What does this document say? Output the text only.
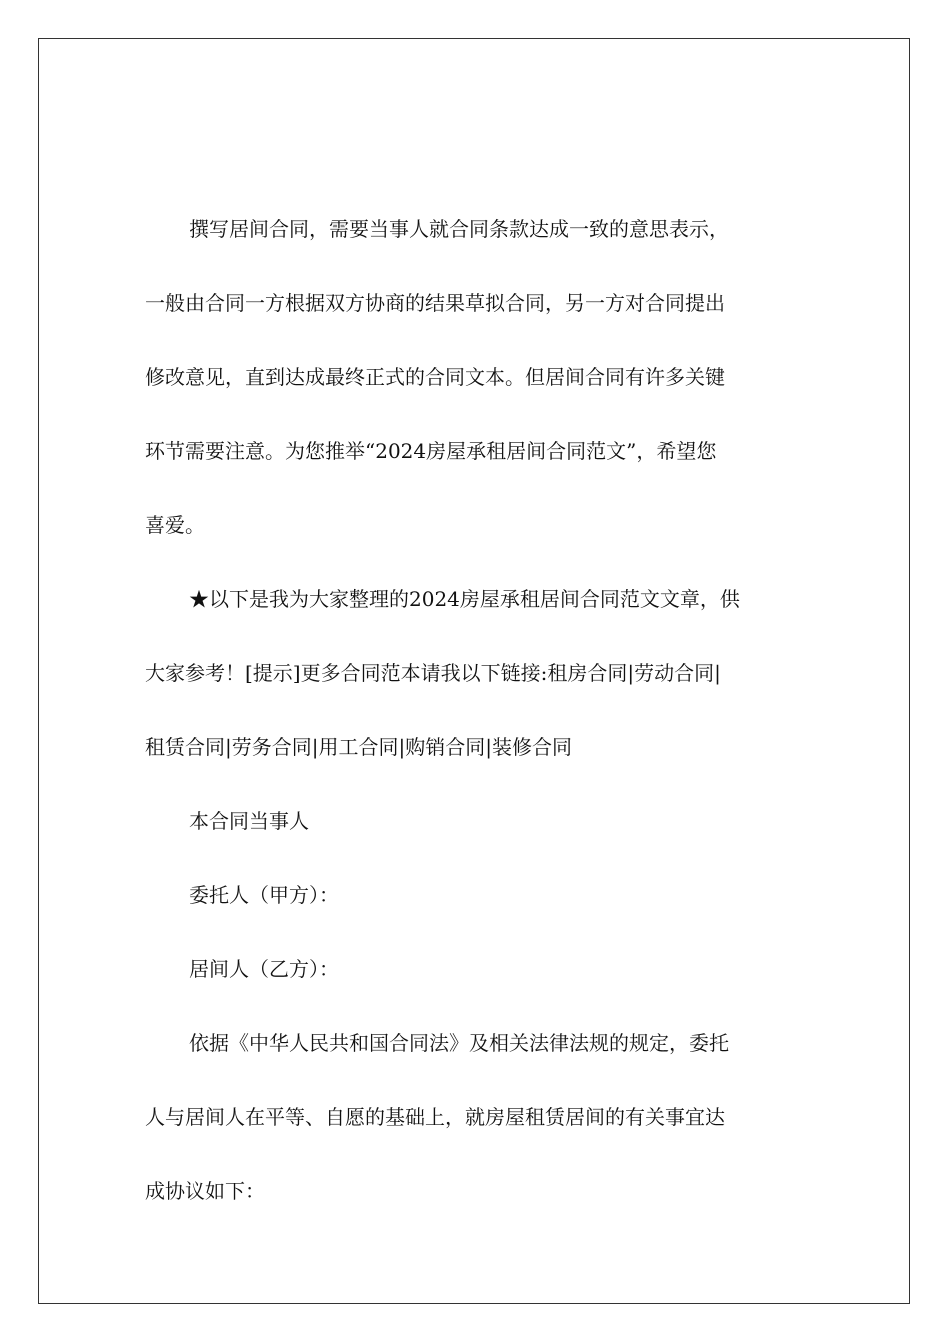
撰写居间合同，需要当事人就合同条款达成一致的意思表示，
一般由合同一方根据双方协商的结果草拟合同，另一方对合同提出
修改意见，直到达成最终正式的合同文本。但居间合同有许多关键
环节需要注意。为您推举“2024房屋承租居间合同范文”，希望您
喜爱。
★以下是我为大家整理的2024房屋承租居间合同范文文章，供
大家参考！[提示]更多合同范本请我以下链接:租房合同|劳动合同|
租赁合同|劳务合同|用工合同|购销合同|装修合同
本合同当事人
委托人（甲方）：
居间人（乙方）：
依据《中华人民共和国合同法》及相关法律法规的规定，委托
人与居间人在平等、自愿的基础上，就房屋租赁居间的有关事宜达
成协议如下：
